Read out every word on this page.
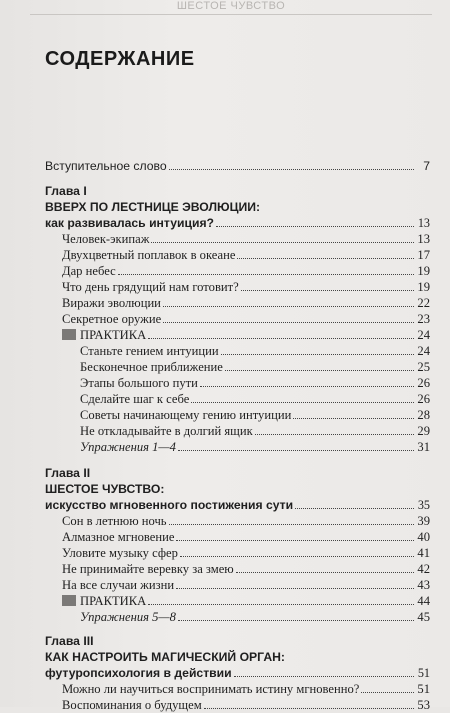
ШЕСТОЕ ЧУВСТВО
СОДЕРЖАНИЕ
Вступительное слово	7
Глава I
ВВЕРХ ПО ЛЕСТНИЦЕ ЭВОЛЮЦИИ:
как развивалась интуиция?	13
Человек-экипаж	13
Двухцветный поплавок в океане	17
Дар небес	19
Что день грядущий нам готовит?	19
Виражи эволюции	22
Секретное оружие	23
ПРАКТИКА	24
Станьте гением интуиции	24
Бесконечное приближение	25
Этапы большого пути	26
Сделайте шаг к себе	26
Советы начинающему гению интуиции	28
Не откладывайте в долгий ящик	29
Упражнения 1—4	31
Глава II
ШЕСТОЕ ЧУВСТВО:
искусство мгновенного постижения сути	35
Сон в летнюю ночь	39
Алмазное мгновение	40
Уловите музыку сфер	41
Не принимайте веревку за змею	42
На все случаи жизни	43
ПРАКТИКА	44
Упражнения 5—8	45
Глава III
КАК НАСТРОИТЬ МАГИЧЕСКИЙ ОРГАН:
футуропсихология в действии	51
Можно ли научиться воспринимать истину мгновенно?	51
Воспоминания о будущем	53
